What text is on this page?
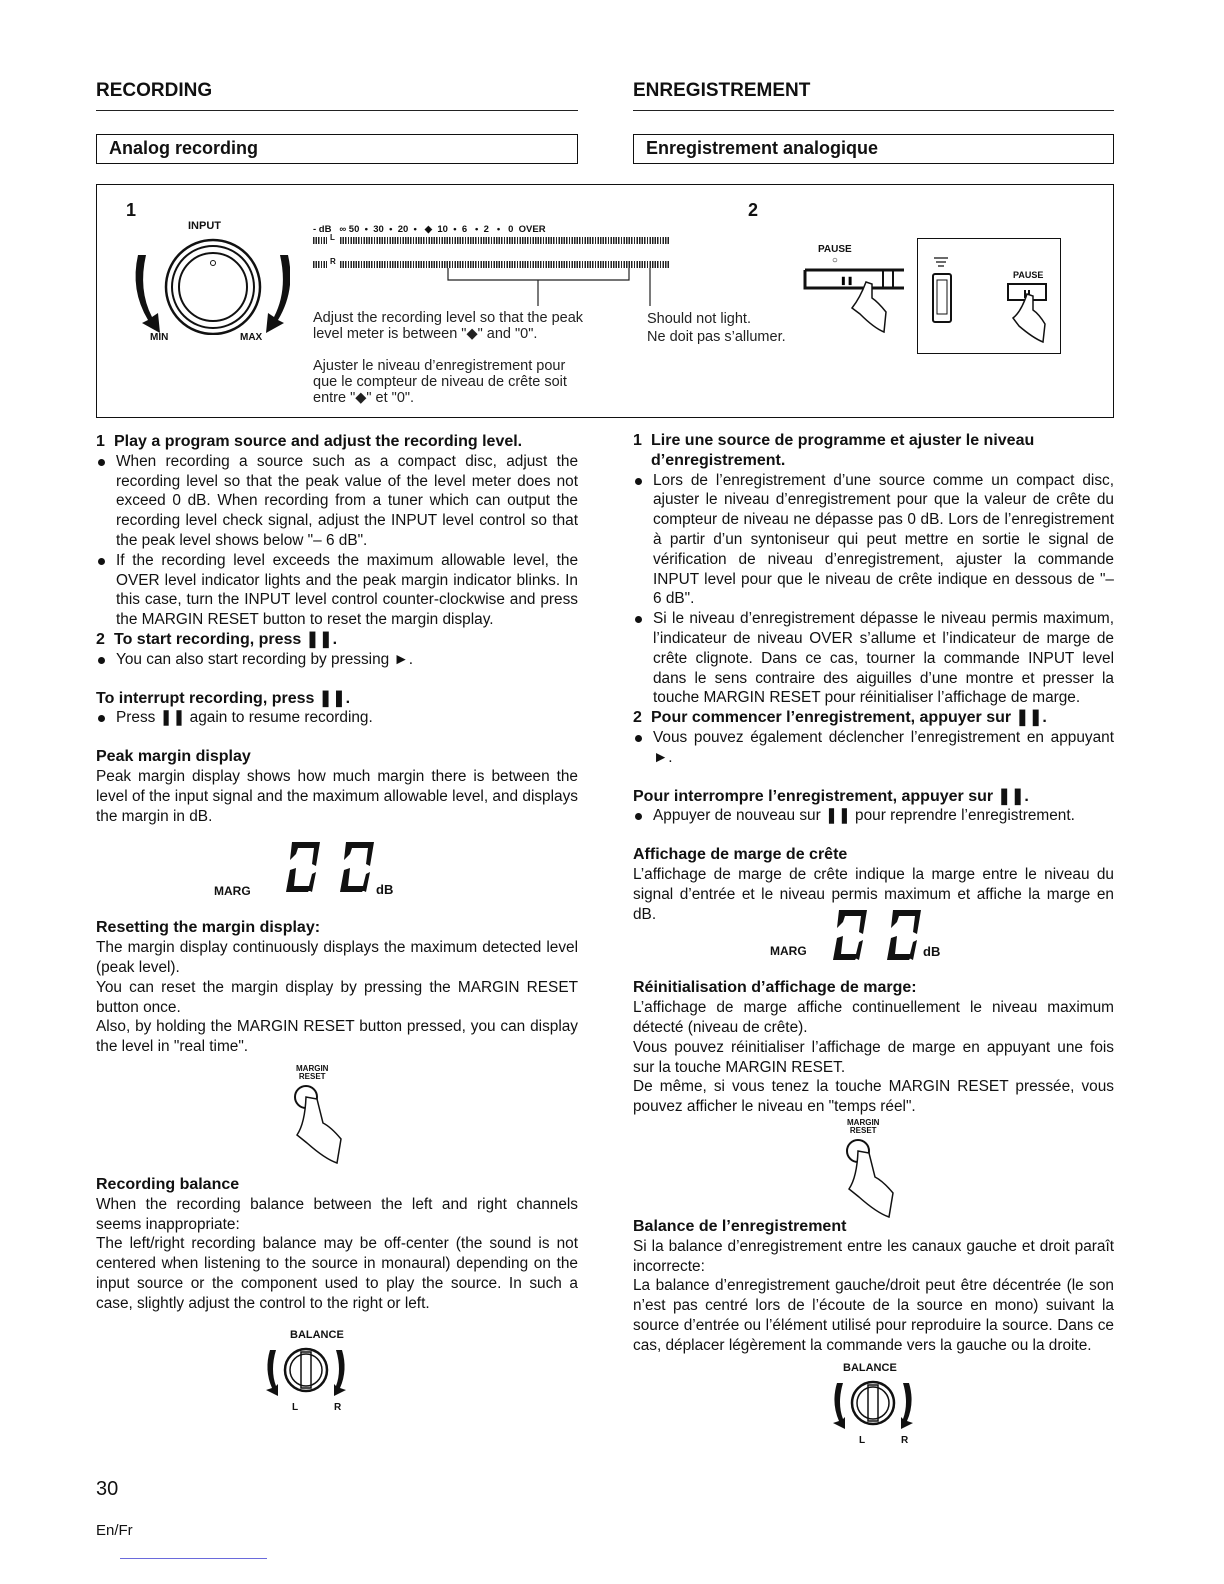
RECORDING	ENREGISTREMENT
Analog recording	Enregistrement analogique
1	2
INPUT
MIN	MAX
- dB   ∞ 50  •  30  •  20  •   ◆  10  •  6   •  2   •   0  OVER
L
R
Adjust the recording level so that the peak
level meter is between "◆" and "0".
Ajuster le niveau d’enregistrement pour
que le compteur de niveau de crête soit
entre "◆" et "0".
Should not light.
Ne doit pas s’allumer.
PAUSE
○
❚❚
PAUSE
1 Play a program source and adjust the recording level.
When recording a source such as a compact disc, adjust the recording level so that the peak value of the level meter does not exceed 0 dB. When recording from a tuner which can output the recording level check signal, adjust the INPUT level control so that the peak level shows below "– 6 dB".
If the recording level exceeds the maximum allowable level, the OVER level indicator lights and the peak margin indicator blinks. In this case, turn the INPUT level control counter-clockwise and press the MARGIN RESET button to reset the margin display.
2 To start recording, press ❚❚.
You can also start recording by pressing ►.
To interrupt recording, press ❚❚.
Press ❚❚ again to resume recording.
Peak margin display

Peak margin display shows how much margin there is between the level of the input signal and the maximum allowable level, and displays the margin in dB.

MARG	dB
Resetting the margin display:

The margin display continuously displays the maximum detected level (peak level).

You can reset the margin display by pressing the MARGIN RESET button once.

Also, by holding the MARGIN RESET button pressed, you can display the level in "real time".

MARGIN
RESET
Recording balance

When the recording balance between the left and right channels seems inappropriate:

The left/right recording balance may be off-center (the sound is not centered when listening to the source in monaural) depending on the input source or the component used to play the source. In such a case, slightly adjust the control to the right or left.

BALANCE
L	R
1 Lire une source de programme et ajuster le niveau d’enregistrement.
Lors de l’enregistrement d’une source comme un compact disc, ajuster le niveau d’enregistrement pour que la valeur de crête du compteur de niveau ne dépasse pas 0 dB. Lors de l’enregistrement à partir d’un syntoniseur qui peut mettre en sortie le signal de vérification de niveau d’enregistrement, ajuster la commande INPUT level pour que le niveau de crête indique en dessous de "– 6 dB".
Si le niveau d’enregistrement dépasse le niveau permis maximum, l’indicateur de niveau OVER s’allume et l’indicateur de marge de crête clignote. Dans ce cas, tourner la commande INPUT level dans le sens contraire des aiguilles d’une montre et presser la touche MARGIN RESET pour réinitialiser l’affichage de marge.
2 Pour commencer l’enregistrement, appuyer sur ❚❚.
Vous pouvez également déclencher l’enregistrement en appuyant ►.
Pour interrompre l’enregistrement, appuyer sur ❚❚.
Appuyer de nouveau sur ❚❚ pour reprendre l’enregistrement.
Affichage de marge de crête

L’affichage de marge de crête indique la marge entre le niveau du signal d’entrée et le niveau permis maximum et affiche la marge en dB.

MARG	dB
Réinitialisation d’affichage de marge:

L’affichage de marge affiche continuellement le niveau maximum détecté (niveau de crête).

Vous pouvez réinitialiser l’affichage de marge en appuyant une fois sur la touche MARGIN RESET.

De même, si vous tenez la touche MARGIN RESET pressée, vous pouvez afficher le niveau en "temps réel".

MARGIN
RESET
Balance de l’enregistrement

Si la balance d’enregistrement entre les canaux gauche et droit paraît incorrecte:

La balance d’enregistrement gauche/droit peut être décentrée (le son n’est pas centré lors de l’écoute de la source en mono) suivant la source d’entrée ou l’élément utilisé pour reproduire la source. Dans ce cas, déplacer légèrement la commande vers la gauche ou la droite.

BALANCE
L	R
30
En/Fr
